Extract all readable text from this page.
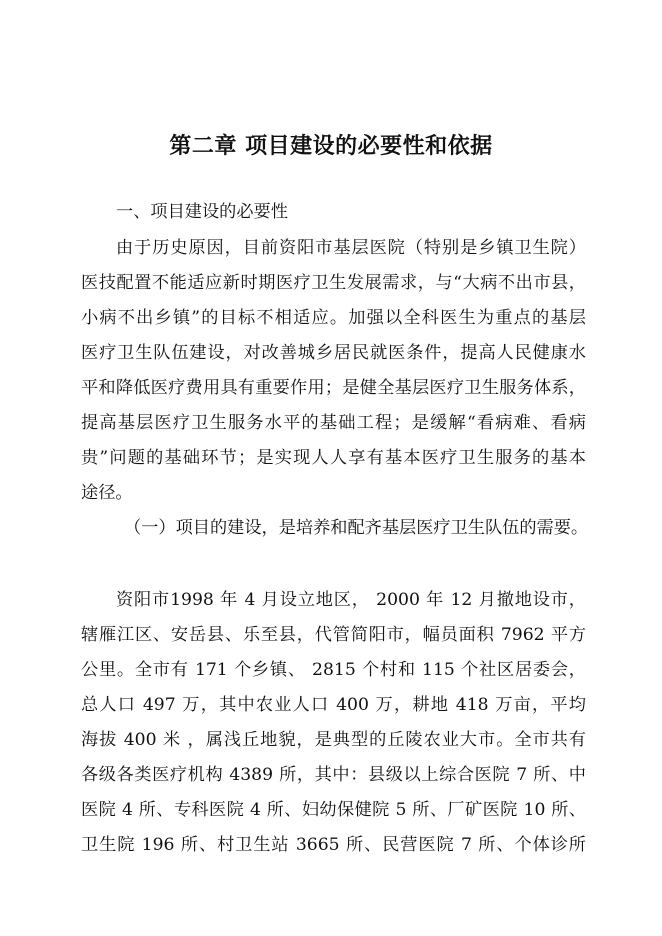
第二章 项目建设的必要性和依据
一、项目建设的必要性
由于历史原因，目前资阳市基层医院（特别是乡镇卫生院）
医技配置不能适应新时期医疗卫生发展需求，与“大病不出市县，
小病不出乡镇”的目标不相适应。加强以全科医生为重点的基层
医疗卫生队伍建设，对改善城乡居民就医条件，提高人民健康水
平和降低医疗费用具有重要作用；是健全基层医疗卫生服务体系，
提高基层医疗卫生服务水平的基础工程；是缓解“看病难、看病
贵”问题的基础环节；是实现人人享有基本医疗卫生服务的基本
途径。
（一）项目的建设，是培养和配齐基层医疗卫生队伍的需要。
资阳市1998 年 4 月设立地区， 2000 年 12 月撤地设市，
辖雁江区、安岳县、乐至县，代管简阳市，幅员面积 7962 平方
公里。全市有 171 个乡镇、 2815 个村和 115 个社区居委会，
总人口 497 万，其中农业人口 400 万，耕地 418 万亩，平均
海拔 400 米 ，属浅丘地貌，是典型的丘陵农业大市。全市共有
各级各类医疗机构 4389 所，其中：县级以上综合医院 7 所、中
医院 4 所、专科医院 4 所、妇幼保健院 5 所、厂矿医院 10 所、
卫生院 196 所、村卫生站 3665 所、民营医院 7 所、个体诊所
